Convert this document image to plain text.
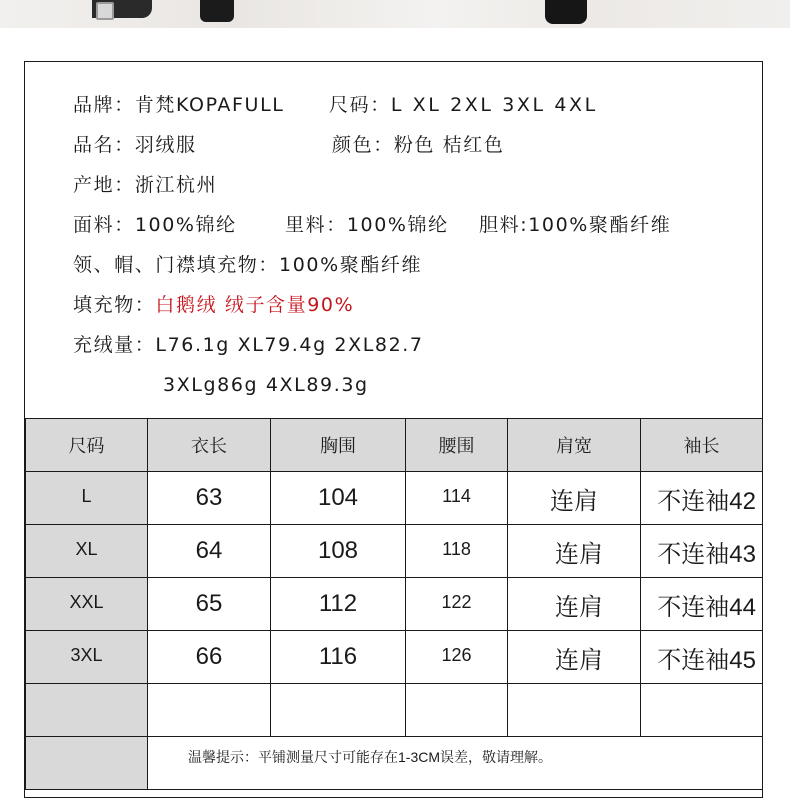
品牌：肯梵KOPAFULL 尺码：L XL 2XL 3XL 4XL
品名：羽绒服	颜色：粉色 桔红色
产地：浙江杭州
面料：100%锦纶	里料：100%锦纶 胆料:100%聚酯纤维
领、帽、门襟填充物：100%聚酯纤维
填充物：白鹅绒 绒子含量90%
充绒量：L76.1g XL79.4g 2XL82.7
3XLg86g 4XL89.3g
尺码	衣长	胸围	腰围	肩宽	袖长
L	63	104	114	连肩	不连袖42
XL	64	108	118	连肩	不连袖43
XXL	65	112	122	连肩	不连袖44
3XL	66	116	126	连肩	不连袖45

	温馨提示：平铺测量尺寸可能存在1-3CM误差，敬请理解。				
